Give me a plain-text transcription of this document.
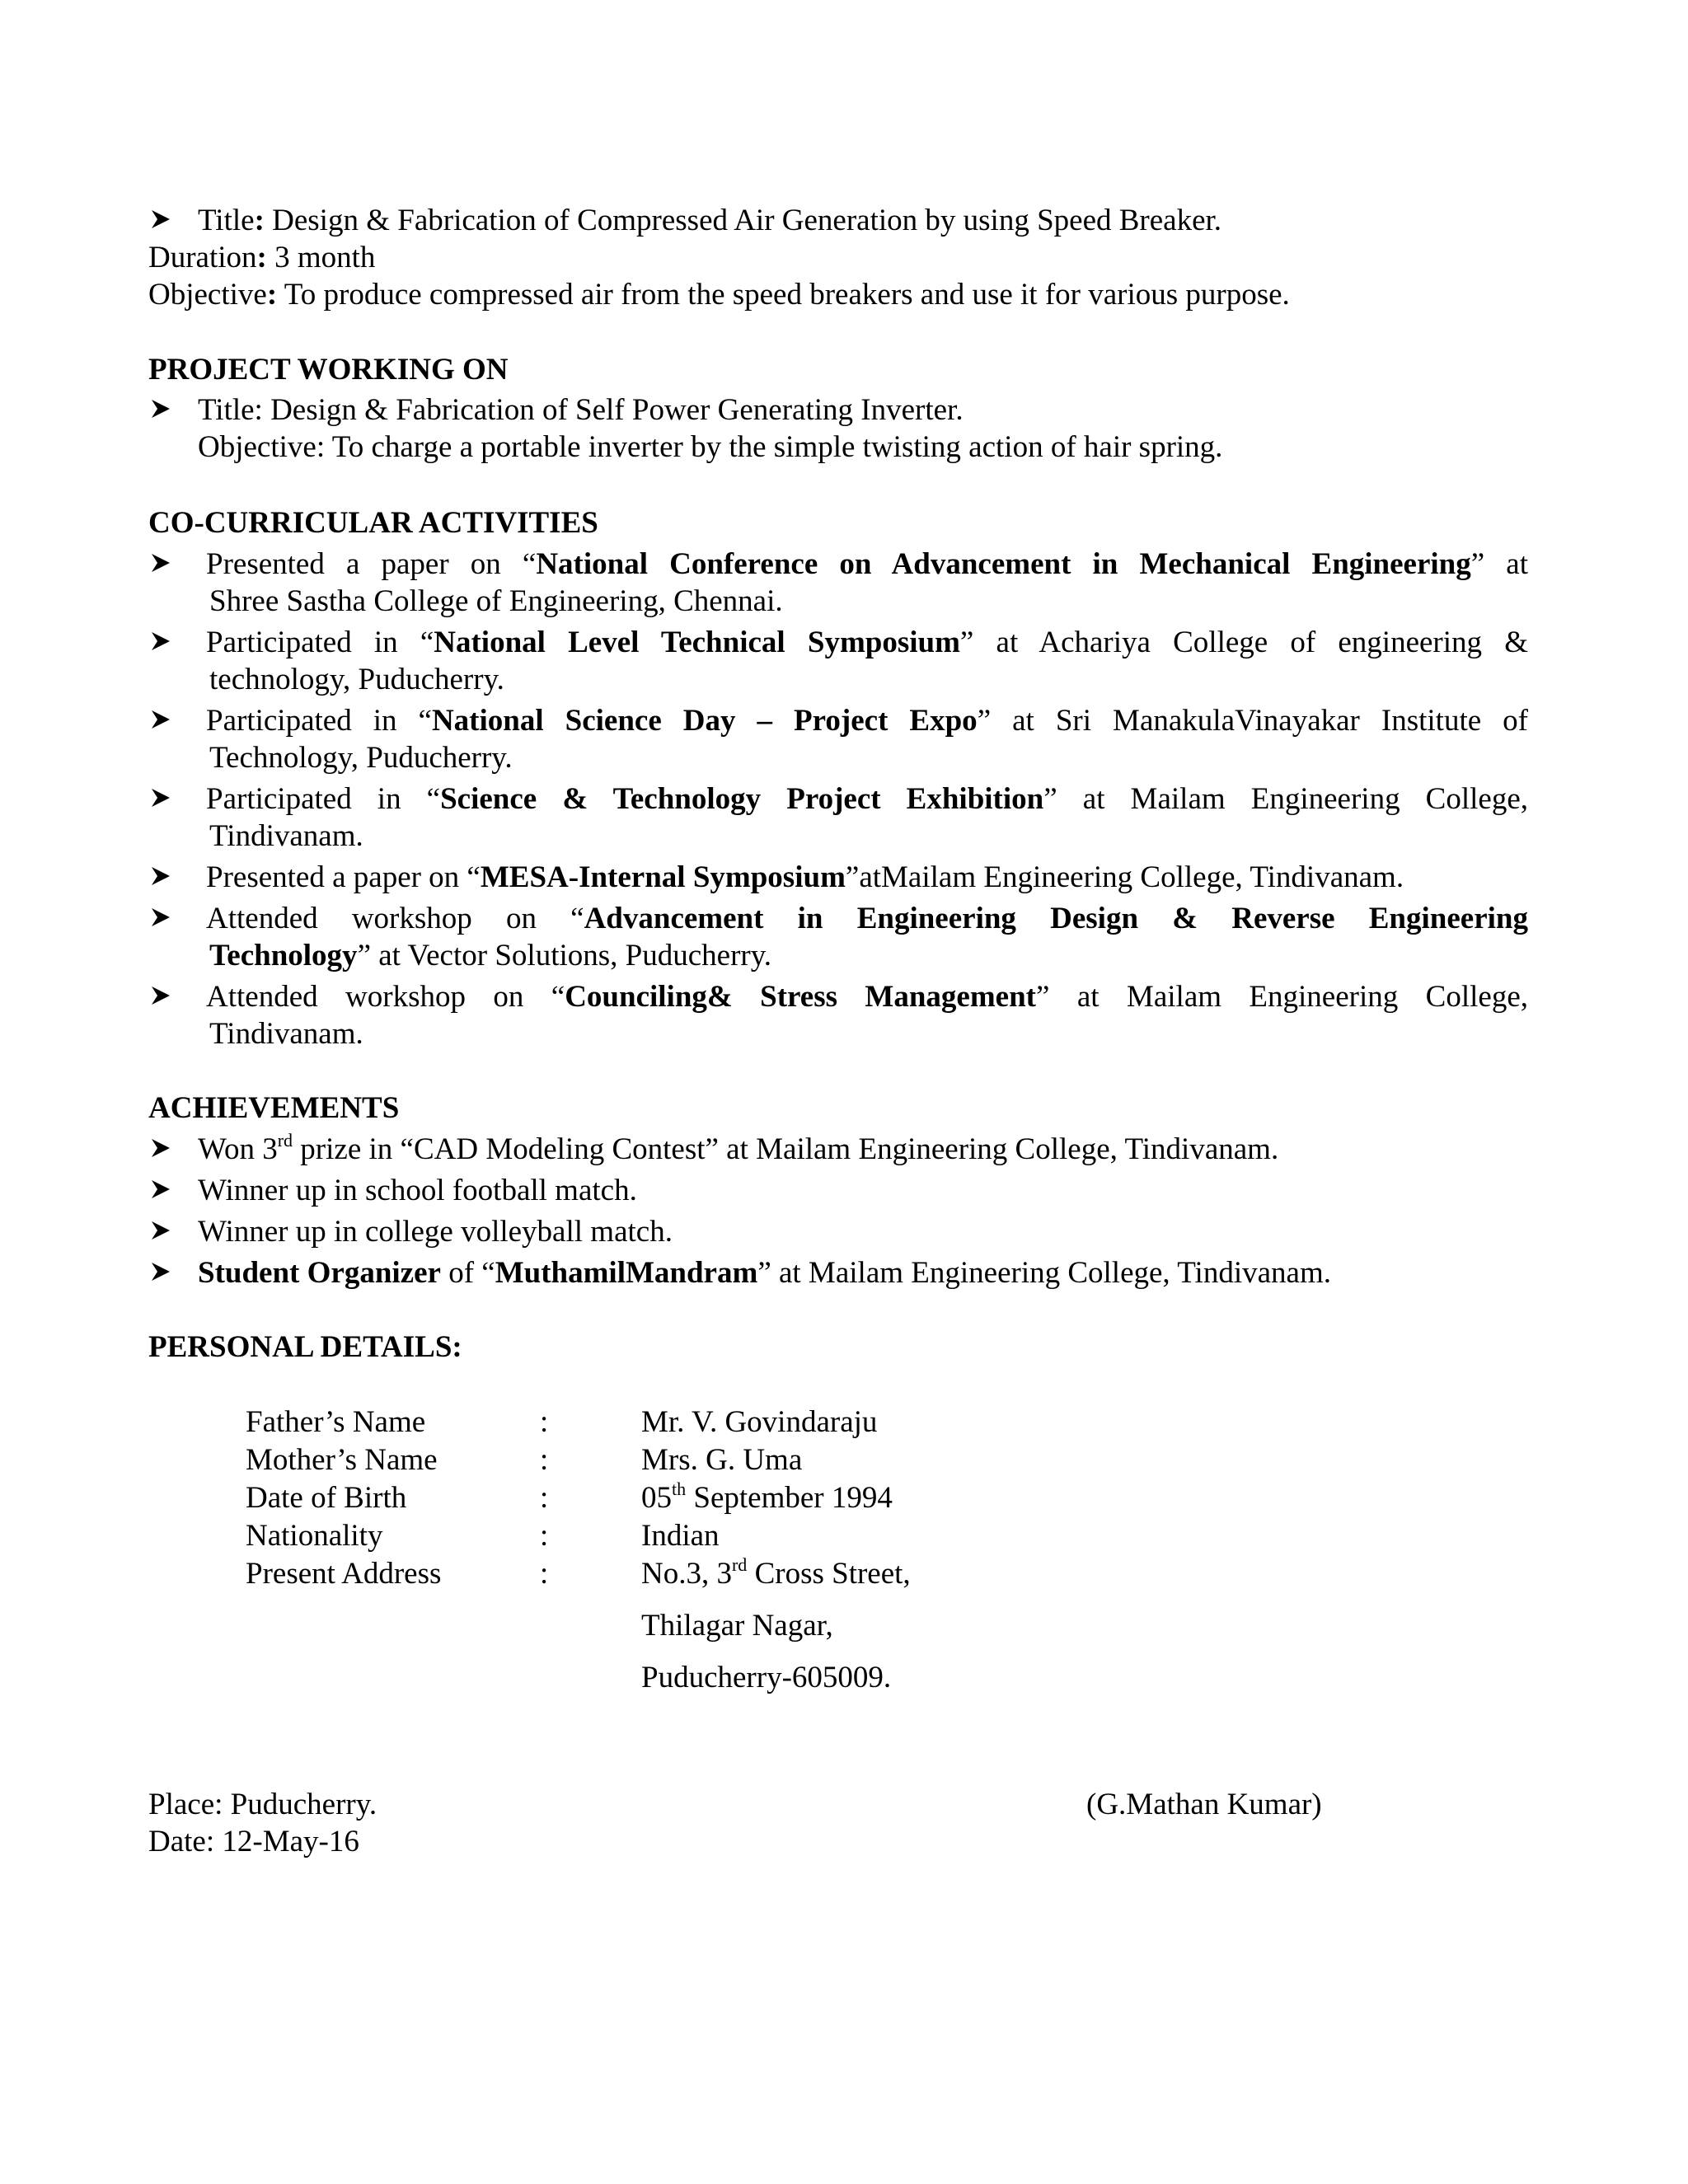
Title: Design & Fabrication of Compressed Air Generation by using Speed Breaker.
Duration: 3 month
Objective: To produce compressed air from the speed breakers and use it for various purpose.
PROJECT WORKING ON
Title: Design & Fabrication of Self Power Generating Inverter.
Objective: To charge a portable inverter by the simple twisting action of hair spring.
CO-CURRICULAR ACTIVITIES
Presented a paper on “National Conference on Advancement in Mechanical Engineering” at
Shree Sastha College of Engineering, Chennai.
Participated in “National Level Technical Symposium” at Achariya College of engineering &
technology, Puducherry.
Participated in “National Science Day – Project Expo” at Sri ManakulaVinayakar Institute of
Technology, Puducherry.
Participated in “Science & Technology Project Exhibition” at Mailam Engineering College,
Tindivanam.
Presented a paper on “MESA-Internal Symposium”atMailam Engineering College, Tindivanam.
Attended workshop on “Advancement in Engineering Design & Reverse Engineering
Technology” at Vector Solutions, Puducherry.
Attended workshop on “Counciling& Stress Management” at Mailam Engineering College,
Tindivanam.
ACHIEVEMENTS
Won 3rd prize in “CAD Modeling Contest” at Mailam Engineering College, Tindivanam.
Winner up in school football match.
Winner up in college volleyball match.
Student Organizer of “MuthamilMandram” at Mailam Engineering College, Tindivanam.
PERSONAL DETAILS:
Father’s Name	:	Mr. V. Govindaraju
Mother’s Name	:	Mrs. G. Uma
Date of Birth	:	05th September 1994
Nationality	:	Indian
Present Address	:	No.3, 3rd Cross Street,
Thilagar Nagar,
Puducherry-605009.
Place: Puducherry.
Date: 12-May-16
(G.Mathan Kumar)
